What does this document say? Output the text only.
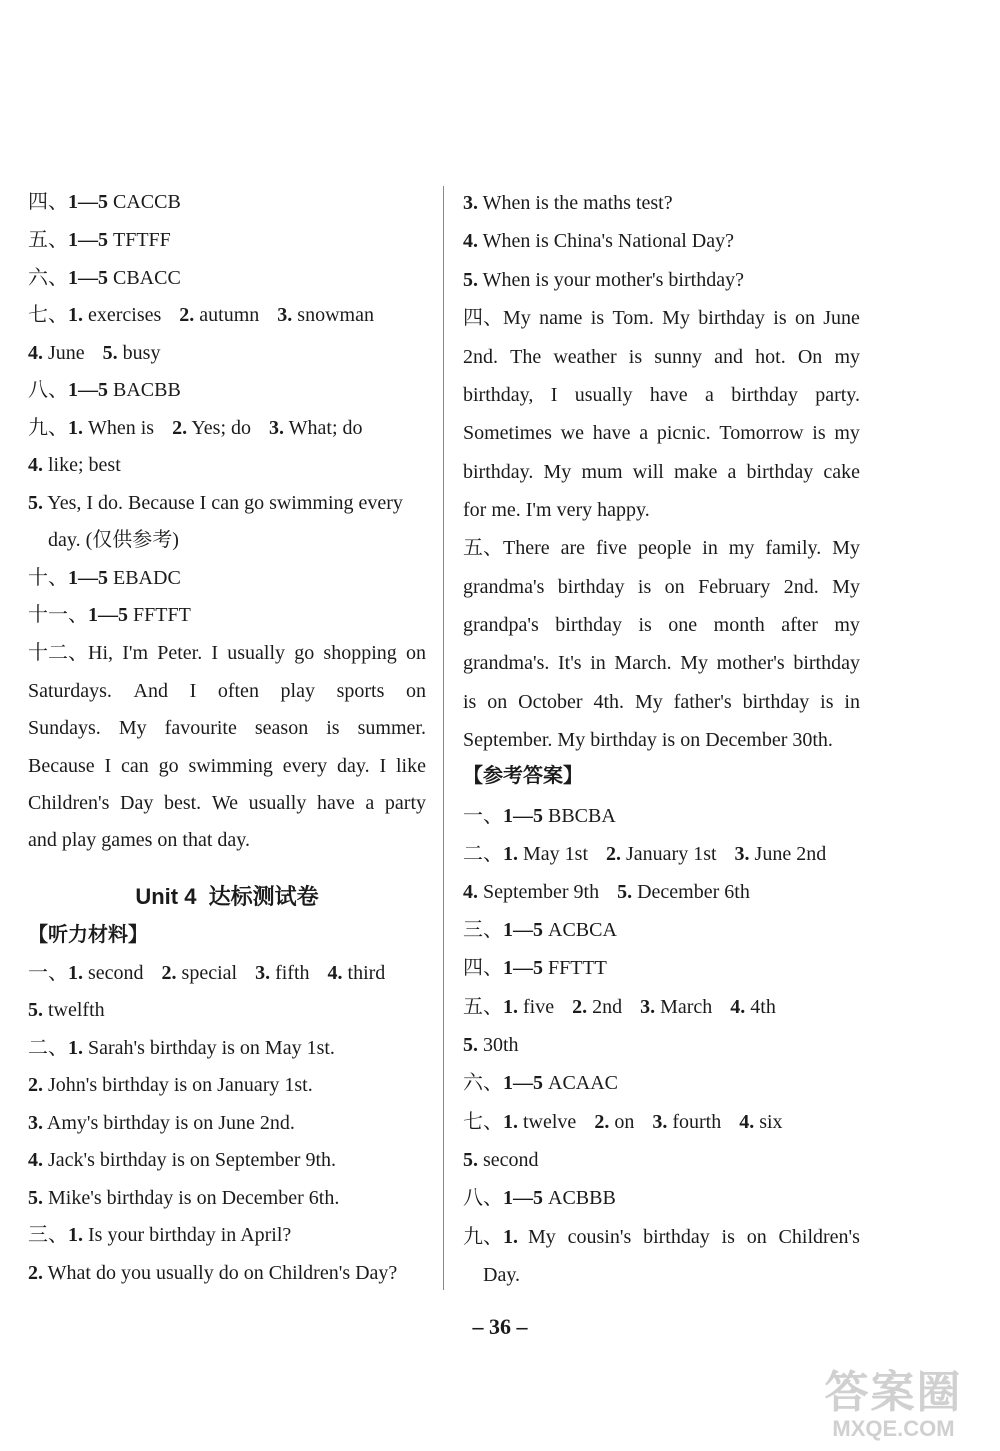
四、1—5 CACCB
五、1—5 TFTFF
六、1—5 CBACC
七、1. exercises 2. autumn 3. snowman
4. June 5. busy
八、1—5 BACBB
九、1. When is 2. Yes; do 3. What; do
4. like; best
5. Yes, I do. Because I can go swimming every
day. (仅供参考)
十、1—5 EBADC
十一、1—5 FFTFT
十二、 Hi, I'm Peter. I usually go shopping on
Saturdays. And I often play sports on
Sundays. My favourite season is summer.
Because I can go swimming every day. I like
Children's Day best. We usually have a party
and play games on that day.
Unit 4  达标测试卷
【听力材料】
一、1. second 2. special 3. fifth 4. third
5. twelfth
二、1. Sarah's birthday is on May 1st.
2. John's birthday is on January 1st.
3. Amy's birthday is on June 2nd.
4. Jack's birthday is on September 9th.
5. Mike's birthday is on December 6th.
三、1. Is your birthday in April?
2. What do you usually do on Children's Day?
3. When is the maths test?
4. When is China's National Day?
5. When is your mother's birthday?
四、 My name is Tom. My birthday is on June
2nd. The weather is sunny and hot. On my
birthday, I usually have a birthday party.
Sometimes we have a picnic. Tomorrow is my
birthday. My mum will make a birthday cake
for me. I'm very happy.
五、 There are five people in my family. My
grandma's birthday is on February 2nd. My
grandpa's birthday is one month after my
grandma's. It's in March. My mother's birthday
is on October 4th. My father's birthday is in
September. My birthday is on December 30th.
【参考答案】
一、1—5 BBCBA
二、1. May 1st 2. January 1st 3. June 2nd
4. September 9th 5. December 6th
三、1—5 ACBCA
四、1—5 FFTTT
五、1. five 2. 2nd 3. March 4. 4th
5. 30th
六、1—5 ACAAC
七、1. twelve 2. on 3. fourth 4. six
5. second
八、1—5 ACBBB
九、 1. My cousin's birthday is on Children's
Day.
– 36 –
答案圈
MXQE.COM
